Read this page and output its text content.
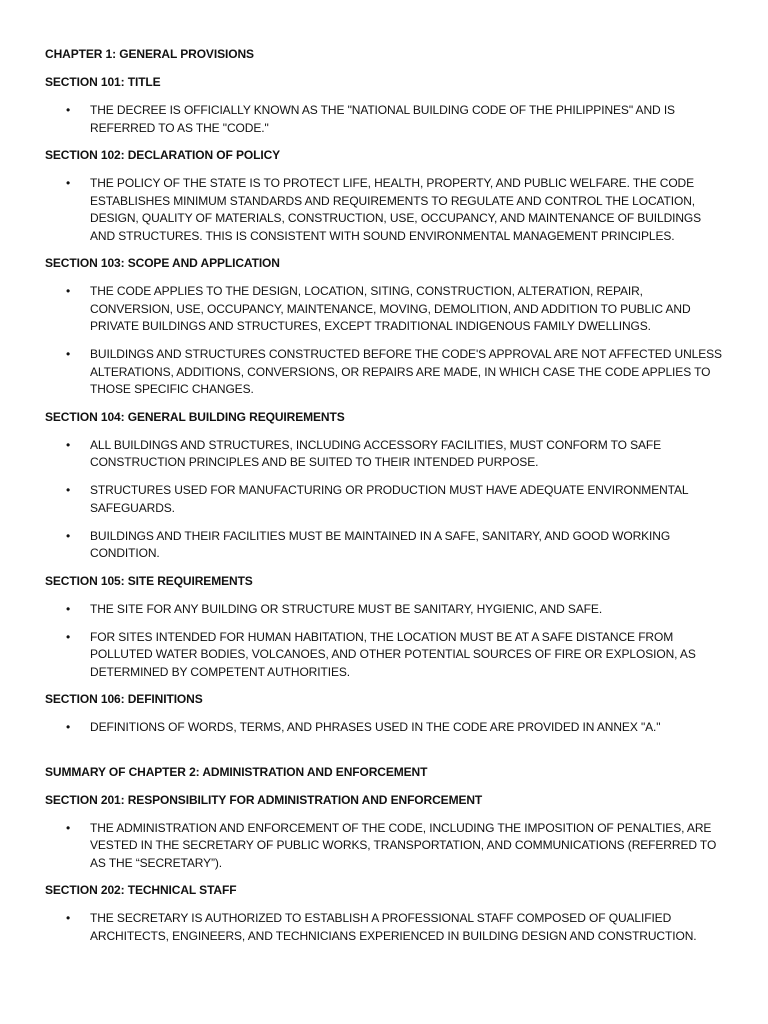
CHAPTER 1: GENERAL PROVISIONS
SECTION 101: TITLE
• THE DECREE IS OFFICIALLY KNOWN AS THE "NATIONAL BUILDING CODE OF THE PHILIPPINES" AND IS REFERRED TO AS THE "CODE."
SECTION 102: DECLARATION OF POLICY
• THE POLICY OF THE STATE IS TO PROTECT LIFE, HEALTH, PROPERTY, AND PUBLIC WELFARE. THE CODE ESTABLISHES MINIMUM STANDARDS AND REQUIREMENTS TO REGULATE AND CONTROL THE LOCATION, DESIGN, QUALITY OF MATERIALS, CONSTRUCTION, USE, OCCUPANCY, AND MAINTENANCE OF BUILDINGS AND STRUCTURES. THIS IS CONSISTENT WITH SOUND ENVIRONMENTAL MANAGEMENT PRINCIPLES.
SECTION 103: SCOPE AND APPLICATION
• THE CODE APPLIES TO THE DESIGN, LOCATION, SITING, CONSTRUCTION, ALTERATION, REPAIR, CONVERSION, USE, OCCUPANCY, MAINTENANCE, MOVING, DEMOLITION, AND ADDITION TO PUBLIC AND PRIVATE BUILDINGS AND STRUCTURES, EXCEPT TRADITIONAL INDIGENOUS FAMILY DWELLINGS.
• BUILDINGS AND STRUCTURES CONSTRUCTED BEFORE THE CODE'S APPROVAL ARE NOT AFFECTED UNLESS ALTERATIONS, ADDITIONS, CONVERSIONS, OR REPAIRS ARE MADE, IN WHICH CASE THE CODE APPLIES TO THOSE SPECIFIC CHANGES.
SECTION 104: GENERAL BUILDING REQUIREMENTS
• ALL BUILDINGS AND STRUCTURES, INCLUDING ACCESSORY FACILITIES, MUST CONFORM TO SAFE CONSTRUCTION PRINCIPLES AND BE SUITED TO THEIR INTENDED PURPOSE.
• STRUCTURES USED FOR MANUFACTURING OR PRODUCTION MUST HAVE ADEQUATE ENVIRONMENTAL SAFEGUARDS.
• BUILDINGS AND THEIR FACILITIES MUST BE MAINTAINED IN A SAFE, SANITARY, AND GOOD WORKING CONDITION.
SECTION 105: SITE REQUIREMENTS
• THE SITE FOR ANY BUILDING OR STRUCTURE MUST BE SANITARY, HYGIENIC, AND SAFE.
• FOR SITES INTENDED FOR HUMAN HABITATION, THE LOCATION MUST BE AT A SAFE DISTANCE FROM POLLUTED WATER BODIES, VOLCANOES, AND OTHER POTENTIAL SOURCES OF FIRE OR EXPLOSION, AS DETERMINED BY COMPETENT AUTHORITIES.
SECTION 106: DEFINITIONS
• DEFINITIONS OF WORDS, TERMS, AND PHRASES USED IN THE CODE ARE PROVIDED IN ANNEX "A."
SUMMARY OF CHAPTER 2: ADMINISTRATION AND ENFORCEMENT
SECTION 201: RESPONSIBILITY FOR ADMINISTRATION AND ENFORCEMENT
• THE ADMINISTRATION AND ENFORCEMENT OF THE CODE, INCLUDING THE IMPOSITION OF PENALTIES, ARE VESTED IN THE SECRETARY OF PUBLIC WORKS, TRANSPORTATION, AND COMMUNICATIONS (REFERRED TO AS THE “SECRETARY”).
SECTION 202: TECHNICAL STAFF
• THE SECRETARY IS AUTHORIZED TO ESTABLISH A PROFESSIONAL STAFF COMPOSED OF QUALIFIED ARCHITECTS, ENGINEERS, AND TECHNICIANS EXPERIENCED IN BUILDING DESIGN AND CONSTRUCTION.
